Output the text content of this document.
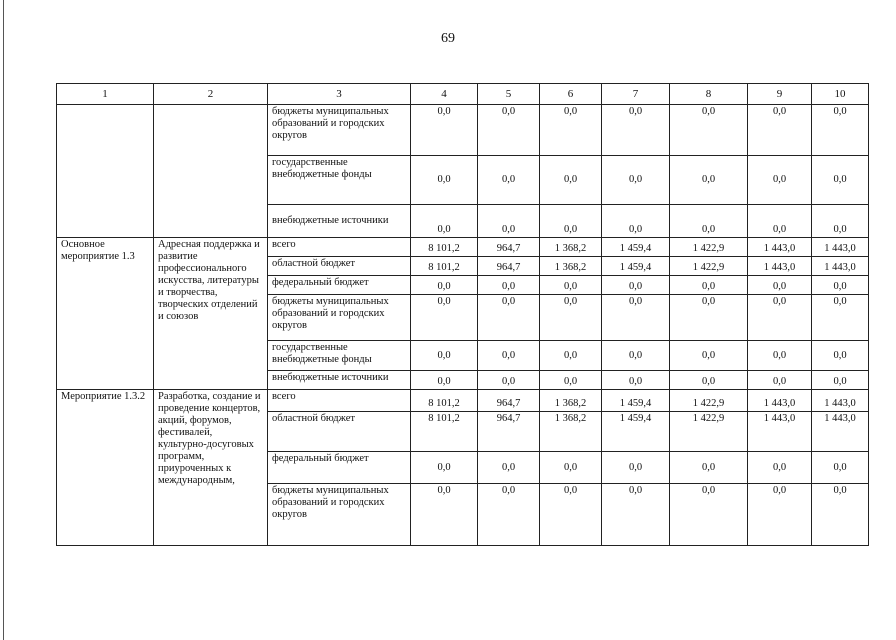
69
1	2	3	4	5	6	7	8	9	10
		бюджеты муниципальных образований и городских округов	0,0	0,0	0,0	0,0	0,0	0,0	0,0
		государственные внебюджетные фонды	0,0	0,0	0,0	0,0	0,0	0,0	0,0
		внебюджетные источники	0,0	0,0	0,0	0,0	0,0	0,0	0,0
Основное мероприятие 1.3	Адресная поддержка и развитие профессионального искусства, литературы и творчества, творческих отделений и союзов	всего	8 101,2	964,7	1 368,2	1 459,4	1 422,9	1 443,0	1 443,0
		областной бюджет	8 101,2	964,7	1 368,2	1 459,4	1 422,9	1 443,0	1 443,0
		федеральный бюджет	0,0	0,0	0,0	0,0	0,0	0,0	0,0
		бюджеты муниципальных образований и городских округов	0,0	0,0	0,0	0,0	0,0	0,0	0,0
		государственные внебюджетные фонды	0,0	0,0	0,0	0,0	0,0	0,0	0,0
		внебюджетные источники	0,0	0,0	0,0	0,0	0,0	0,0	0,0
Мероприятие 1.3.2	Разработка, создание и проведение концертов, акций, форумов, фестивалей, культурно-досуговых программ, приуроченных к международным,	всего	8 101,2	964,7	1 368,2	1 459,4	1 422,9	1 443,0	1 443,0
		областной бюджет	8 101,2	964,7	1 368,2	1 459,4	1 422,9	1 443,0	1 443,0
		федеральный бюджет	0,0	0,0	0,0	0,0	0,0	0,0	0,0
		бюджеты муниципальных образований и городских округов	0,0	0,0	0,0	0,0	0,0	0,0	0,0
